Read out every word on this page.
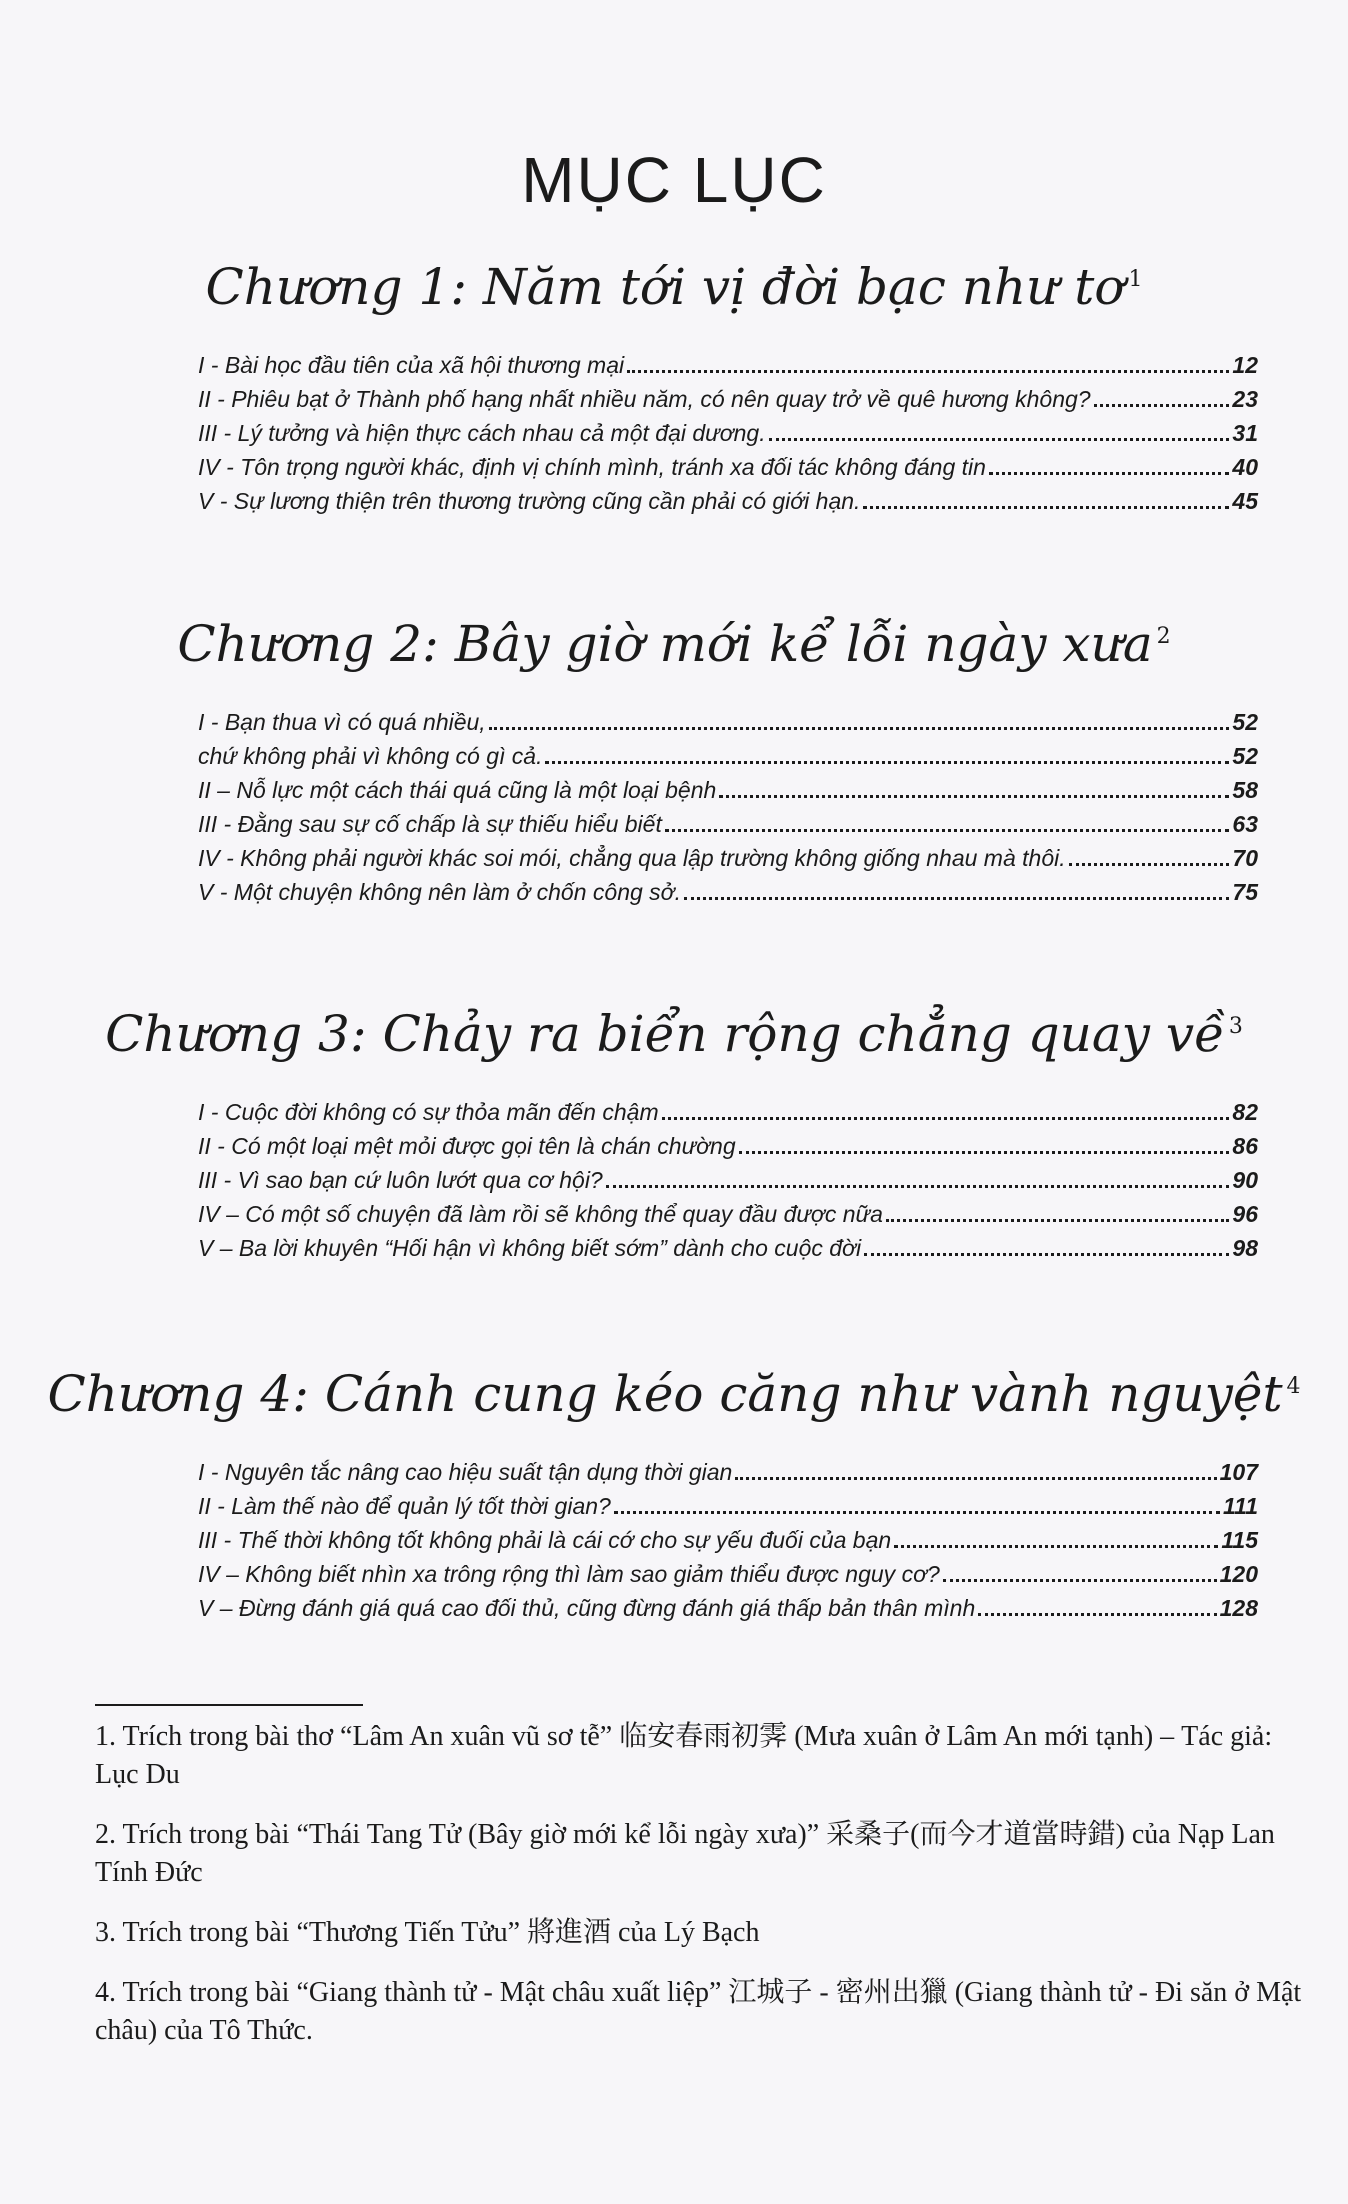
MỤC LỤC
Chương 1: Năm tới vị đời bạc như tơ $^1$
I - Bài học đầu tiên của xã hội thương mại	12
II - Phiêu bạt ở Thành phố hạng nhất nhiều năm, có nên quay trở về quê hương không?	23
III - Lý tưởng và hiện thực cách nhau cả một đại dương.	31
IV - Tôn trọng người khác, định vị chính mình, tránh xa đối tác không đáng tin	40
V - Sự lương thiện trên thương trường cũng cần phải có giới hạn.	45
Chương 2: Bây giờ mới kể lỗi ngày xưa $^2$
I - Bạn thua vì có quá nhiều,	52
chứ không phải vì không có gì cả.	52
II – Nỗ lực một cách thái quá cũng là một loại bệnh	58
III - Đằng sau sự cố chấp là sự thiếu hiểu biết	63
IV - Không phải người khác soi mói, chẳng qua lập trường không giống nhau mà thôi.	70
V - Một chuyện không nên làm ở chốn công sở.	75
Chương 3: Chảy ra biển rộng chẳng quay về $^3$
I - Cuộc đời không có sự thỏa mãn đến chậm	82
II - Có một loại mệt mỏi được gọi tên là chán chường	86
III - Vì sao bạn cứ luôn lướt qua cơ hội?	90
IV – Có một số chuyện đã làm rồi sẽ không thể quay đầu được nữa	96
V – Ba lời khuyên “Hối hận vì không biết sớm” dành cho cuộc đời	98
Chương 4: Cánh cung kéo căng như vành nguyệt $^4$
I - Nguyên tắc nâng cao hiệu suất tận dụng thời gian	107
II - Làm thế nào để quản lý tốt thời gian?	111
III - Thế thời không tốt không phải là cái cớ cho sự yếu đuối của bạn	115
IV – Không biết nhìn xa trông rộng thì làm sao giảm thiểu được nguy cơ?	120
V – Đừng đánh giá quá cao đối thủ, cũng đừng đánh giá thấp bản thân mình	128

1. Trích trong bài thơ “Lâm An xuân vũ sơ tễ” 临安春雨初霁 (Mưa xuân ở Lâm An mới tạnh) – Tác giả: Lục Du

2. Trích trong bài “Thái Tang Tử (Bây giờ mới kể lỗi ngày xưa)” 采桑子(而今才道當時錯) của Nạp Lan Tính Đức

3. Trích trong bài “Thương Tiến Tửu” 將進酒 của Lý Bạch

4. Trích trong bài “Giang thành tử - Mật châu xuất liệp” 江城子 - 密州出獵 (Giang thành tử - Đi săn ở Mật châu) của Tô Thức.
